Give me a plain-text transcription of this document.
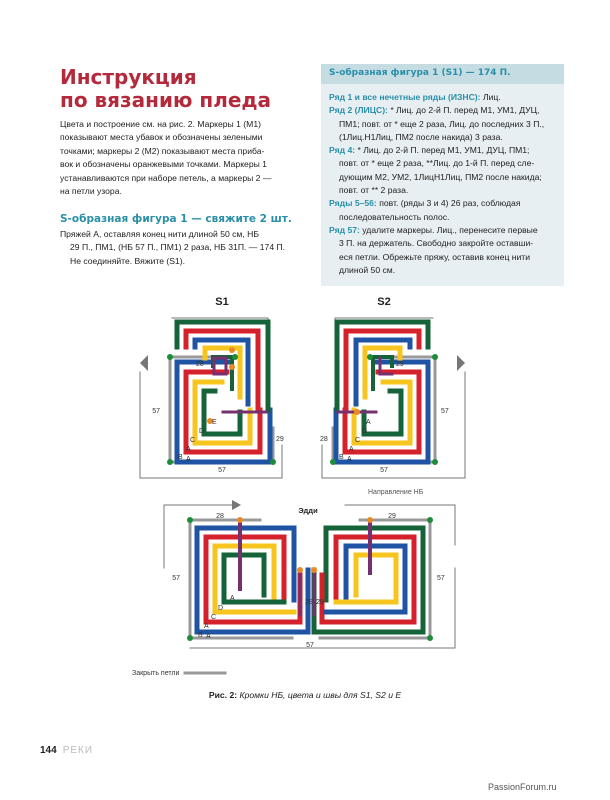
Инструкция
по вязанию пледа

Цвета и построение см. на рис. 2. Маркеры 1 (М1)
показывают места убавок и обозначены зелеными
точками; маркеры 2 (М2) показывают места приба-
вок и обозначены оранжевыми точками. Маркеры 1
устанавливаются при наборе петель, а маркеры 2 —
на петли узора.

S-образная фигура 1 — свяжите 2 шт.
Пряжей А, оставляя конец нити длиной 50 см, НБ
29 П., ПМ1, (НБ 57 П., ПМ1) 2 раза, НБ 31П. — 174 П.
Не соединяйте. Вяжите (S1).
S-образная фигура 1 (S1) — 174 П.
Ряд 1 и все нечетные ряды (ИЗНС): Лиц.
Ряд 2 (ЛИЦС): * Лиц. до 2-й П. перед М1, УМ1, ДУЦ,
ПМ1; повт. от * еще 2 раза, Лиц. до последних 3 П.,
(1Лиц.Н1Лиц, ПМ2 после накида) 3 раза.
Ряд 4: * Лиц. до 2-й П. перед М1, УМ1, ДУЦ, ПМ1;
повт. от * еще 2 раза, **Лиц. до 1-й П. перед сле-
дующим М2, УМ2, 1ЛицН1Лиц, ПМ2 после накида;
повт. от ** 2 раза.
Ряды 5–56: повт. (ряды 3 и 4) 26 раз, соблюдая
последовательность полос.
Ряд 57: удалите маркеры. Лиц., перенесите первые
3 П. на держатель. Свободно закройте оставши-
еся петли. Обрежьте пряжу, оставив конец нити
длиной 50 см.
S1
57
29
57
28
E
D
C
A
B A
S2
57
28
57
29
A
D
C
A
B A
Направление НБ
Эдди
28	29
57	57
57
28 29
A
D
C
A
B A
Закрыть петли
Рис. 2: Кромки НБ, цвета и швы для S1, S2 и E
144 РЕКИ
PassionForum.ru
